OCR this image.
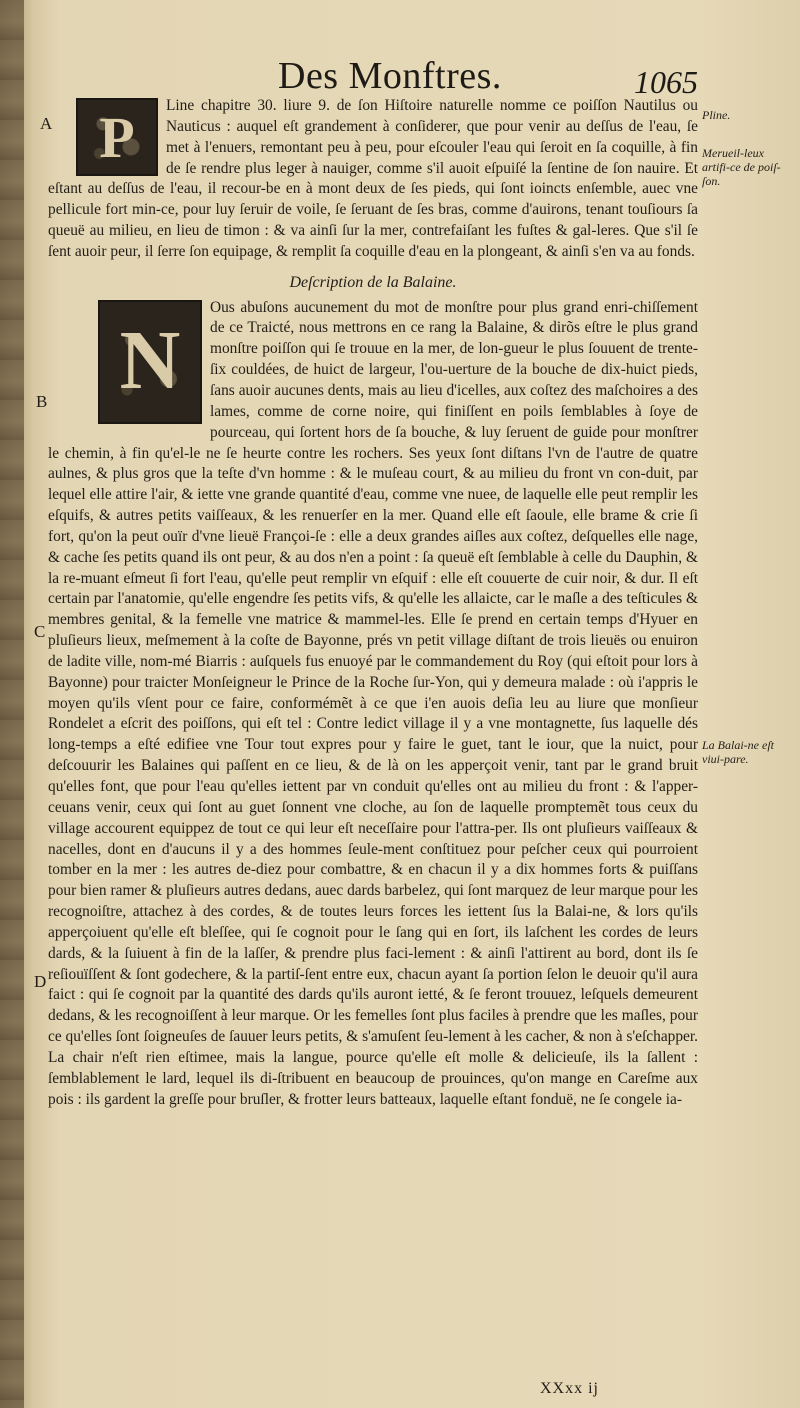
Des Monftres.	1065
A
B
C
D
Pline.
Merueil-leux artifi-ce de poiſ-ſon.
La Balai-ne eſt viui-pare.
P	Line chapitre 30. liure 9. de ſon Hiſtoire naturelle nomme ce poiſſon Nautilus ou Nauticus : auquel eſt grandement à conſiderer, que pour venir au deſſus de l'eau, ſe met à l'enuers, remontant peu à peu, pour eſcouler l'eau qui ſeroit en ſa coquille, à fin de ſe rendre plus leger à nauiger, comme s'il auoit eſpuiſé la ſentine de ſon nauire. Et eſtant au deſſus de l'eau, il recour-be en à mont deux de ſes pieds, qui ſont ioincts enſemble, auec vne pellicule fort min-ce, pour luy ſeruir de voile, ſe ſeruant de ſes bras, comme d'auirons, tenant touſiours ſa queuë au milieu, en lieu de timon : & va ainſi ſur la mer, contrefaiſant les fuſtes & gal-leres. Que s'il ſe ſent auoir peur, il ſerre ſon equipage, & remplit ſa coquille d'eau en la plongeant, & ainſi s'en va au fonds.

Deſcription de la Balaine.
N

Ous abuſons aucunement du mot de monſtre pour plus grand enri-chiſſement de ce Traicté, nous mettrons en ce rang la Balaine, & dirõs eſtre le plus grand monſtre poiſſon qui ſe trouue en la mer, de lon-gueur le plus ſouuent de trente-ſix couldées, de huict de largeur, l'ou-uerture de la bouche de dix-huict pieds, ſans auoir aucunes dents, mais au lieu d'icelles, aux coſtez des maſchoires a des lames, comme de corne noire, qui finiſſent en poils ſemblables à ſoye de pourceau, qui ſortent hors de ſa bouche, & luy ſeruent de guide pour monſtrer le chemin, à fin qu'el-le ne ſe heurte contre les rochers. Ses yeux ſont diſtans l'vn de l'autre de quatre aulnes, & plus gros que la teſte d'vn homme : & le muſeau court, & au milieu du front vn con-duit, par lequel elle attire l'air, & iette vne grande quantité d'eau, comme vne nuee, de laquelle elle peut remplir les eſquifs, & autres petits vaiſſeaux, & les renuerſer en la mer. Quand elle eſt ſaoule, elle brame & crie ſi fort, qu'on la peut ouïr d'vne lieuë Françoi-ſe : elle a deux grandes aiſles aux coſtez, deſquelles elle nage, & cache ſes petits quand ils ont peur, & au dos n'en a point : ſa queuë eſt ſemblable à celle du Dauphin, & la re-muant eſmeut ſi fort l'eau, qu'elle peut remplir vn eſquif : elle eſt couuerte de cuir noir, & dur. Il eſt certain par l'anatomie, qu'elle engendre ſes petits vifs, & qu'elle les allaicte, car le maſle a des teſticules & membres genital, & la femelle vne matrice & mammel-les. Elle ſe prend en certain temps d'Hyuer en pluſieurs lieux, meſmement à la coſte de Bayonne, prés vn petit village diſtant de trois lieuës ou enuiron de ladite ville, nom-mé Biarris : auſquels fus enuoyé par le commandement du Roy (qui eſtoit pour lors à Bayonne) pour traicter Monſeigneur le Prince de la Roche ſur-Yon, qui y demeura malade : où i'appris le moyen qu'ils vſent pour ce faire, conformémẽt à ce que i'en auois deſia leu au liure que monſieur Rondelet a eſcrit des poiſſons, qui eſt tel : Contre ledict village il y a vne montagnette, ſus laquelle dés long-temps a eſté edifiee vne Tour tout expres pour y faire le guet, tant le iour, que la nuict, pour deſcouurir les Balaines qui paſſent en ce lieu, & de là on les apperçoit venir, tant par le grand bruit qu'elles font, que pour l'eau qu'elles iettent par vn conduit qu'elles ont au milieu du front : & l'apper-ceuans venir, ceux qui ſont au guet ſonnent vne cloche, au ſon de laquelle promptemẽt tous ceux du village accourent equippez de tout ce qui leur eſt neceſſaire pour l'attra-per. Ils ont pluſieurs vaiſſeaux & nacelles, dont en d'aucuns il y a des hommes ſeule-ment conſtituez pour peſcher ceux qui pourroient tomber en la mer : les autres de-diez pour combattre, & en chacun il y a dix hommes forts & puiſſans pour bien ramer & pluſieurs autres dedans, auec dards barbelez, qui ſont marquez de leur marque pour les recognoiſtre, attachez à des cordes, & de toutes leurs forces les iettent ſus la Balai-ne, & lors qu'ils apperçoiuent qu'elle eſt bleſſee, qui ſe cognoit pour le ſang qui en ſort, ils laſchent les cordes de leurs dards, & la ſuiuent à fin de la laſſer, & prendre plus faci-lement : & ainſi l'attirent au bord, dont ils ſe reſiouïſſent & ſont godechere, & la partiſ-ſent entre eux, chacun ayant ſa portion ſelon le deuoir qu'il aura faict : qui ſe cognoit par la quantité des dards qu'ils auront ietté, & ſe feront trouuez, leſquels demeurent dedans, & les recognoiſſent à leur marque. Or les femelles ſont plus faciles à prendre que les maſles, pour ce qu'elles ſont ſoigneuſes de ſauuer leurs petits, & s'amuſent ſeu-lement à les cacher, & non à s'eſchapper. La chair n'eſt rien eſtimee, mais la langue, pource qu'elle eſt molle & delicieuſe, ils la ſallent : ſemblablement le lard, lequel ils di-ſtribuent en beaucoup de prouinces, qu'on mange en Careſme aux pois : ils gardent la greſſe pour bruſler, & frotter leurs batteaux, laquelle eſtant fonduë, ne ſe congele ia-

XXxx ij
